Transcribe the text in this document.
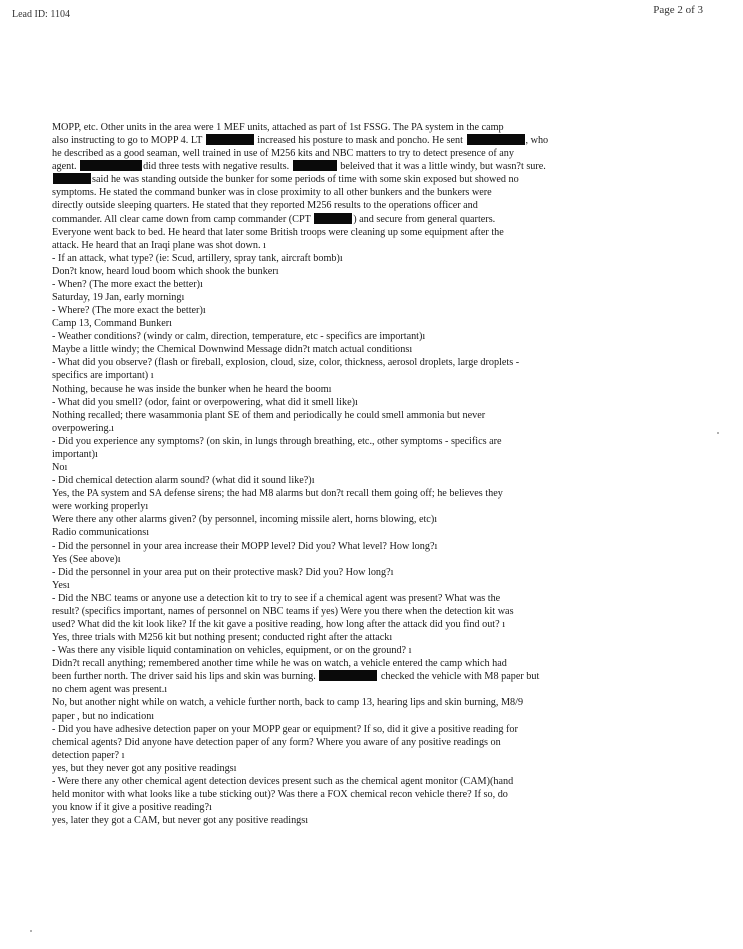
Lead ID: 1104	Page 2 of 3

MOPP, etc. Other units in the area were 1 MEF units, attached as part of 1st FSSG. The PA system in the camp

also instructing to go to MOPP 4. LT	increased his posture to mask and poncho. He sent	, who

he described as a good seaman, well trained in use of M256 kits and NBC matters to try to detect presence of any

agent.	did three tests with negative results.	beleived that it was a little windy, but wasn?t sure.

said he was standing outside the bunker for some periods of time with some skin exposed but showed no

symptoms. He stated the command bunker was in close proximity to all other bunkers and the bunkers were

directly outside sleeping quarters. He stated that they reported M256 results to the operations officer and

commander. All clear came down from camp commander (CPT	) and secure from general quarters.

Everyone went back to bed. He heard that later some British troops were cleaning up some equipment after the

attack. He heard that an Iraqi plane was shot down. ı

- If an attack, what type? (ie: Scud, artillery, spray tank, aircraft bomb)ı

Don?t know, heard loud boom which shook the bunkerı

- When? (The more exact the better)ı

Saturday, 19 Jan, early morningı

- Where? (The more exact the better)ı

Camp 13, Command Bunkerı

- Weather conditions? (windy or calm, direction, temperature, etc - specifics are important)ı

Maybe a little windy; the Chemical Downwind Message didn?t match actual conditionsı

- What did you observe? (flash or fireball, explosion, cloud, size, color, thickness, aerosol droplets, large droplets -

specifics are important) ı

Nothing, because he was inside the bunker when he heard the boomı

- What did you smell? (odor, faint or overpowering, what did it smell like)ı

Nothing recalled; there wasammonia plant SE of them and periodically he could smell ammonia but never

overpowering.ı

- Did you experience any symptoms? (on skin, in lungs through breathing, etc., other symptoms - specifics are

important)ı

Noı

- Did chemical detection alarm sound? (what did it sound like?)ı

Yes, the PA system and SA defense sirens; the had M8 alarms but don?t recall them going off; he believes they

were working properlyı

Were there any other alarms given? (by personnel, incoming missile alert, horns blowing, etc)ı

Radio communicationsı

- Did the personnel in your area increase their MOPP level? Did you? What level? How long?ı

Yes (See above)ı

- Did the personnel in your area put on their protective mask? Did you? How long?ı

Yesı

- Did the NBC teams or anyone use a detection kit to try to see if a chemical agent was present? What was the

result? (specifics important, names of personnel on NBC teams if yes) Were you there when the detection kit was

used? What did the kit look like? If the kit gave a positive reading, how long after the attack did you find out? ı

Yes, three trials with M256 kit but nothing present; conducted right after the attackı

- Was there any visible liquid contamination on vehicles, equipment, or on the ground? ı

Didn?t recall anything; remembered another time while he was on watch, a vehicle entered the camp which had

been further north. The driver said his lips and skin was burning.	checked the vehicle with M8 paper but

no chem agent was present.ı

No, but another night while on watch, a vehicle further north, back to camp 13, hearing lips and skin burning, M8/9

paper , but no indicationı

- Did you have adhesive detection paper on your MOPP gear or equipment? If so, did it give a positive reading for

chemical agents? Did anyone have detection paper of any form? Where you aware of any positive readings on

detection paper? ı

yes, but they never got any positive readingsı

- Were there any other chemical agent detection devices present such as the chemical agent monitor (CAM)(hand

held monitor with what looks like a tube sticking out)? Was there a FOX chemical recon vehicle there? If so, do

you know if it give a positive reading?ı

yes, later they got a CAM, but never got any positive readingsı
